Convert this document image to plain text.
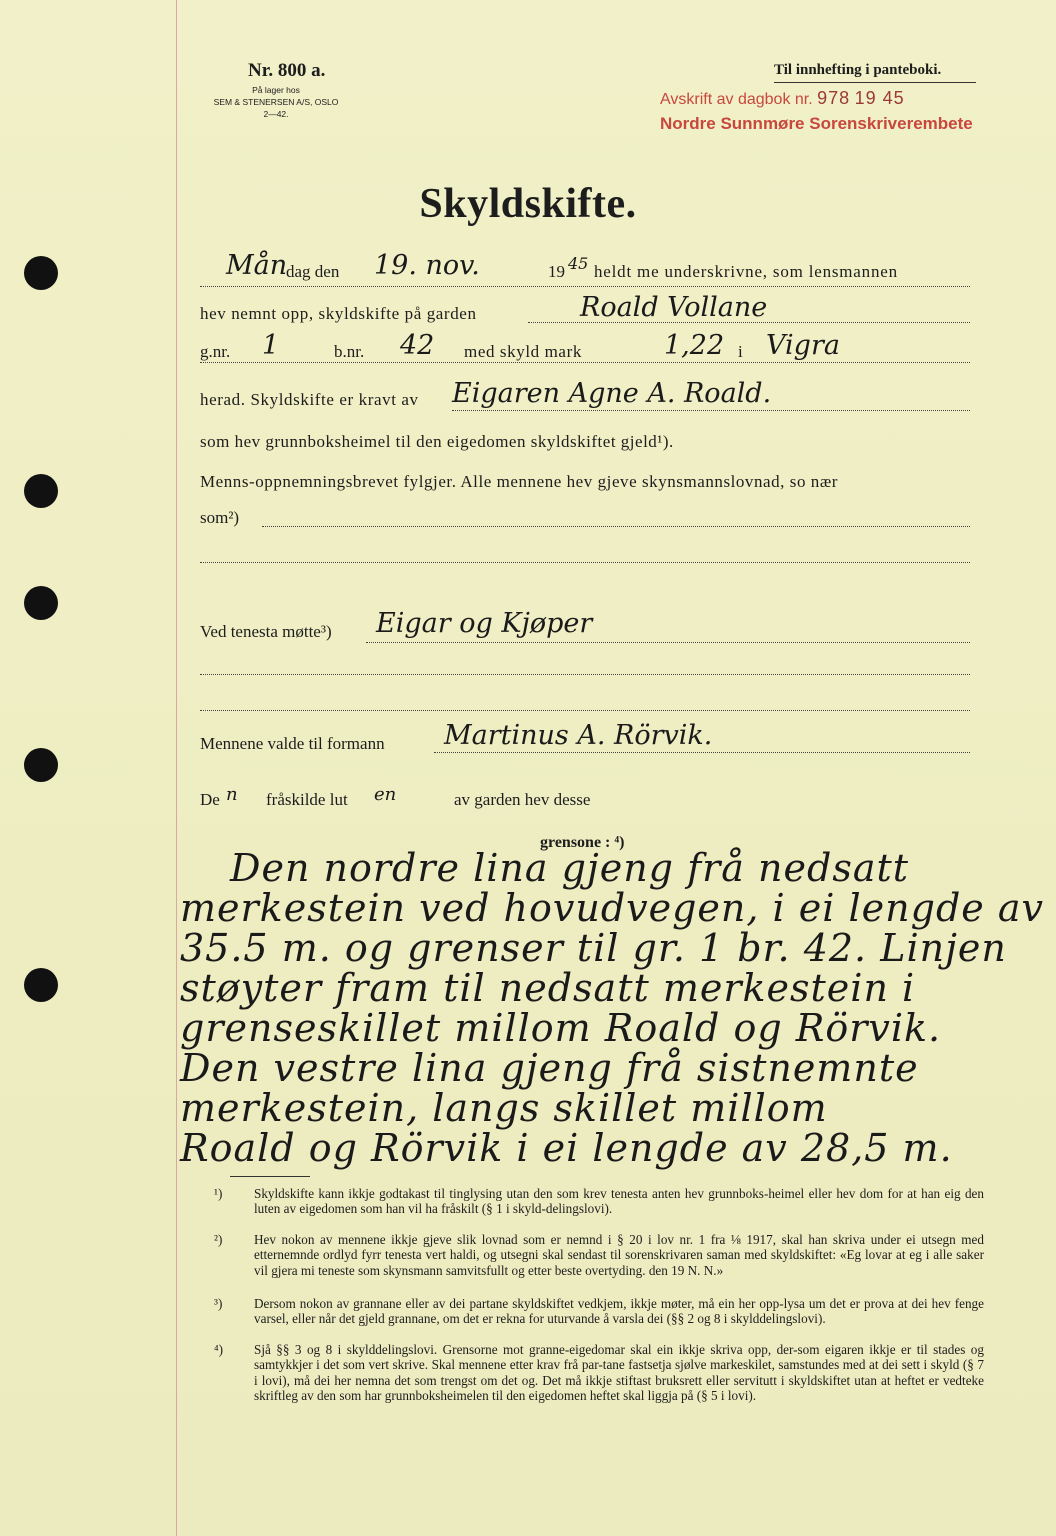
Nr. 800 a.
På lager hos
SEM & STENERSEN A/S, OSLO
2—42.
Til innhefting i panteboki.
Avskrift av dagbok nr. 978 19 45
Nordre Sunnmøre Sorenskriverembete
Skyldskifte.
Mån
dag den 19. nov.	19 45 heldt me underskrivne, som lensmannen
hev nemnt opp, skyldskifte på garden	Roald Vollane
g.nr. 1	b.nr. 42 med skyld mark	1,22 i Vigra
herad. Skyldskifte er kravt av Eigaren Agne A. Roald.
som hev grunnboksheimel til den eigedomen skyldskiftet gjeld¹).
Menns-oppnemningsbrevet fylgjer. Alle mennene hev gjeve skynsmannslovnad, so nær
som²)
Ved tenesta møtte³) Eigar og Kjøper
Mennene valde til formann Martinus A. Rörvik.
De n fråskilde lut en	av garden hev desse
grensone : ⁴)
Den nordre lina gjeng frå nedsatt
merkestein ved hovudvegen, i ei lengde av
35.5 m. og grenser til gr. 1 br. 42. Linjen
støyter fram til nedsatt merkestein i
grenseskillet millom Roald og Rörvik.
Den vestre lina gjeng frå sistnemnte
merkestein, langs skillet millom
Roald og Rörvik i ei lengde av 28,5 m.
¹) Skyldskifte kann ikkje godtakast til tinglysing utan den som krev tenesta anten hev grunnboks-heimel eller hev dom for at han eig den luten av eigedomen som han vil ha fråskilt (§ 1 i skyld-delingslovi).
²) Hev nokon av mennene ikkje gjeve slik lovnad som er nemnd i § 20 i lov nr. 1 fra ⅛ 1917, skal han skriva under ei utsegn med etternemnde ordlyd fyrr tenesta vert haldi, og utsegni skal sendast til sorenskrivaren saman med skyldskiftet: «Eg lovar at eg i alle saker vil gjera mi teneste som skynsmann samvitsfullt og etter beste overtyding. den 19 N. N.»
³) Dersom nokon av grannane eller av dei partane skyldskiftet vedkjem, ikkje møter, må ein her opp-lysa um det er prova at dei hev fenge varsel, eller når det gjeld grannane, om det er rekna for uturvande å varsla dei (§§ 2 og 8 i skylddelingslovi).
⁴) Sjå §§ 3 og 8 i skylddelingslovi. Grensorne mot granne-eigedomar skal ein ikkje skriva opp, der-som eigaren ikkje er til stades og samtykkjer i det som vert skrive. Skal mennene etter krav frå par-tane fastsetja sjølve markeskilet, samstundes med at dei sett i skyld (§ 7 i lovi), må dei her nemna det som trengst om det og. Det må ikkje stiftast bruksrett eller servitutt i skyldskiftet utan at heftet er vedteke skriftleg av den som har grunnboksheimelen til den eigedomen heftet skal liggja på (§ 5 i lovi).
